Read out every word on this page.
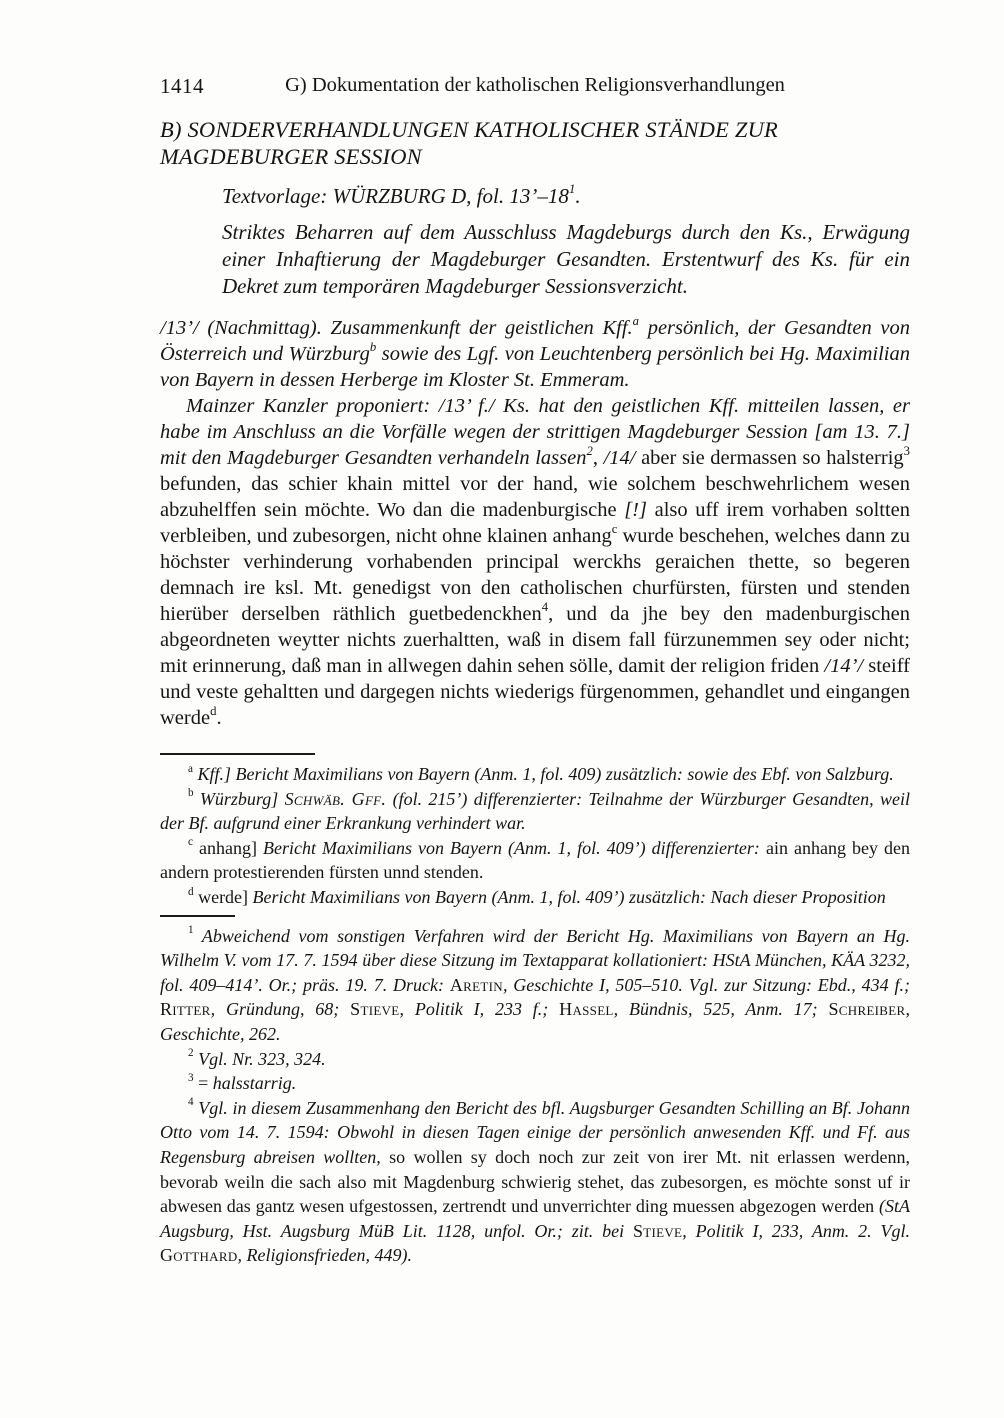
1414	G) Dokumentation der katholischen Religionsverhandlungen
B) SONDERVERHANDLUNGEN KATHOLISCHER STÄNDE ZUR MAGDEBURGER SESSION

Textvorlage: WÜRZBURG D, fol. $13’-18^1$.

Striktes Beharren auf dem Ausschluss Magdeburgs durch den Ks., Erwägung einer Inhaftierung der Magdeburger Gesandten. Erstentwurf des Ks. für ein Dekret zum temporären Magdeburger Sessionsverzicht.

/13’/ (Nachmittag). Zusammenkunft der geistlichen Kff.$^a$ persönlich, der Gesandten von Österreich und Würzburg$^b$ sowie des Lgf. von Leuchtenberg persönlich bei Hg. Maximilian von Bayern in dessen Herberge im Kloster St. Emmeram.

Mainzer Kanzler proponiert: /13’ f./ Ks. hat den geistlichen Kff. mitteilen lassen, er habe im Anschluss an die Vorfälle wegen der strittigen Magdeburger Session [am 13. 7.] mit den Magdeburger Gesandten verhandeln lassen$^2$, /14/ aber sie dermassen so halsterrig$^3$ befunden, das schier khain mittel vor der hand, wie solchem beschwehrlichem wesen abzuhelffen sein möchte. Wo dan die madenburgische [!] also uff irem vorhaben soltten verbleiben, und zubesorgen, nicht ohne klainen anhang$^c$ wurde beschehen, welches dann zu höchster verhinderung vorhabenden principal werckhs geraichen thette, so begeren demnach ire ksl. Mt. genedigst von den catholischen churfürsten, fürsten und stenden hierüber derselben räthlich guetbedenckhen$^4$, und da jhe bey den madenburgischen abgeordneten weytter nichts zuerhaltten, waß in disem fall fürzunemmen sey oder nicht; mit erinnerung, daß man in allwegen dahin sehen sölle, damit der religion friden /14’/ steiff und veste gehaltten und dargegen nichts wiederigs fürgenommen, gehandlet und eingangen werde$^d$.

$^a$ Kff.] Bericht Maximilians von Bayern (Anm. 1, fol. 409) zusätzlich: sowie des Ebf. von Salzburg.

$^b$ Würzburg] Schwäb. Gff. (fol. 215’) differenzierter: Teilnahme der Würzburger Gesandten, weil der Bf. aufgrund einer Erkrankung verhindert war.

$^c$ anhang] Bericht Maximilians von Bayern (Anm. 1, fol. 409’) differenzierter: ain anhang bey den andern protestierenden fürsten unnd stenden.

$^d$ werde] Bericht Maximilians von Bayern (Anm. 1, fol. 409’) zusätzlich: Nach dieser Proposition

$^1$ Abweichend vom sonstigen Verfahren wird der Bericht Hg. Maximilians von Bayern an Hg. Wilhelm V. vom 17. 7. 1594 über diese Sitzung im Textapparat kollationiert: HStA München, KÄA 3232, fol. 409–414’. Or.; präs. 19. 7. Druck: Aretin, Geschichte I, 505–510. Vgl. zur Sitzung: Ebd., 434 f.; Ritter, Gründung, 68; Stieve, Politik I, 233 f.; Hassel, Bündnis, 525, Anm. 17; Schreiber, Geschichte, 262.

$^2$ Vgl. Nr. 323, 324.

$^3$ = halsstarrig.

$^4$ Vgl. in diesem Zusammenhang den Bericht des bfl. Augsburger Gesandten Schilling an Bf. Johann Otto vom 14. 7. 1594: Obwohl in diesen Tagen einige der persönlich anwesenden Kff. und Ff. aus Regensburg abreisen wollten, so wollen sy doch noch zur zeit von irer Mt. nit erlassen werdenn, bevorab weiln die sach also mit Magdenburg schwierig stehet, das zubesorgen, es möchte sonst uf ir abwesen das gantz wesen ufgestossen, zertrendt und unverrichter ding muessen abgezogen werden (StA Augsburg, Hst. Augsburg MüB Lit. 1128, unfol. Or.; zit. bei Stieve, Politik I, 233, Anm. 2. Vgl. Gotthard, Religionsfrieden, 449).
